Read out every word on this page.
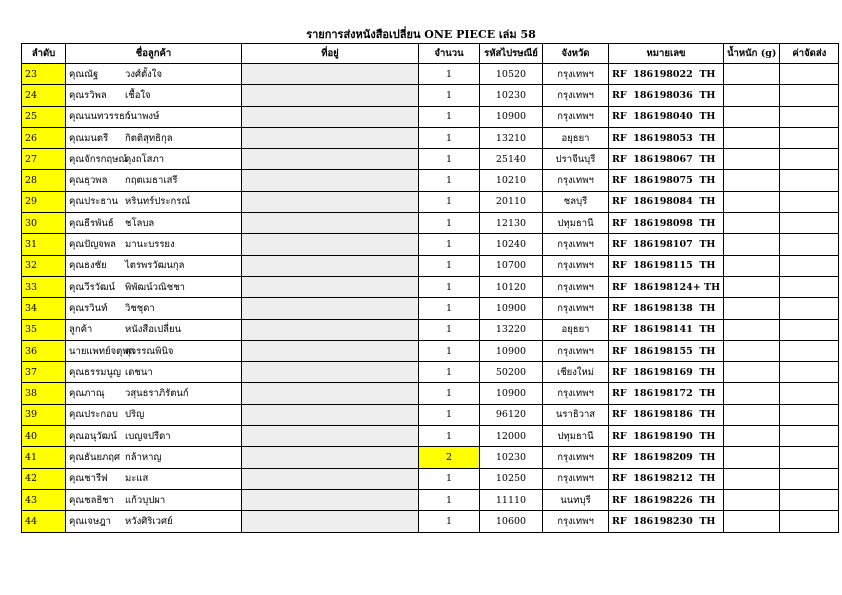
รายการส่งหนังสือเปลี่ยน ONE PIECE เล่ม 58
ลำดับ	ชื่อลูกค้า	ที่อยู่	จำนวน	รหัสไปรษณีย์	จังหวัด	หมายเลข	น้ำหนัก (g)	ค่าจัดส่ง
23	คุณณัฐ วงศ์ตั้งใจ		1	10520	กรุงเทพฯ	RF  186198022  TH		
24	คุณรวิพล เชื้อใจ		1	10230	กรุงเทพฯ	RF  186198036  TH		
25	คุณนนทวรรธก์วนาพงษ์		1	10900	กรุงเทพฯ	RF  186198040  TH		
26	คุณมนตรี กิตติสุทธิกุล		1	13210	อยุธยา	RF  186198053  TH		
27	คุณจักรกฤษณ์ดุงถโสภา		1	25140	ปราจีนบุรี	RF  186198067  TH		
28	คุณธุวพล กฤตเมธาเสรี		1	10210	กรุงเทพฯ	RF  186198075  TH		
29	คุณประธาน หรินทร์ประกรณ์		1	20110	ชลบุรี	RF  186198084  TH		
30	คุณธีรพันธ์ ชโลบล		1	12130	ปทุมธานี	RF  186198098  TH		
31	คุณปัญจพล มานะบรรยง		1	10240	กรุงเทพฯ	RF  186198107  TH		
32	คุณธงชัย ไตรพรวัฒนกุล		1	10700	กรุงเทพฯ	RF  186198115  TH		
33	คุณวีรวัฒน์ พิพัฒน์วณิชชา		1	10120	กรุงเทพฯ	RF  186198124+ TH		
34	คุณรวินท์ วิชชุดา		1	10900	กรุงเทพฯ	RF  186198138  TH		
35	ลูกค้า หนังสือเปลี่ยน		1	13220	อยุธยา	RF  186198141  TH		
36	นายแพทย์จตุพลสุวรรณพินิจ		1	10900	กรุงเทพฯ	RF  186198155  TH		
37	คุณธรรมนูญ เดชนา		1	50200	เชียงใหม่	RF  186198169  TH		
38	คุณภาณุ วสุนธราภิรัตนก์		1	10900	กรุงเทพฯ	RF  186198172  TH		
39	คุณประกอบ ปริญ		1	96120	นราธิวาส	RF  186198186  TH		
40	คุณอนุวัฒน์ เบญจปรีดา		1	12000	ปทุมธานี	RF  186198190  TH		
41	คุณธันยภฤศ กล้าหาญ		2	10230	กรุงเทพฯ	RF  186198209  TH		
42	คุณชารีฟ มะแส		1	10250	กรุงเทพฯ	RF  186198212  TH		
43	คุณชลธิชา แก้วบุปผา		1	11110	นนทบุรี	RF  186198226  TH		
44	คุณเจษฎา หวังศิริเวศย์		1	10600	กรุงเทพฯ	RF  186198230  TH		
